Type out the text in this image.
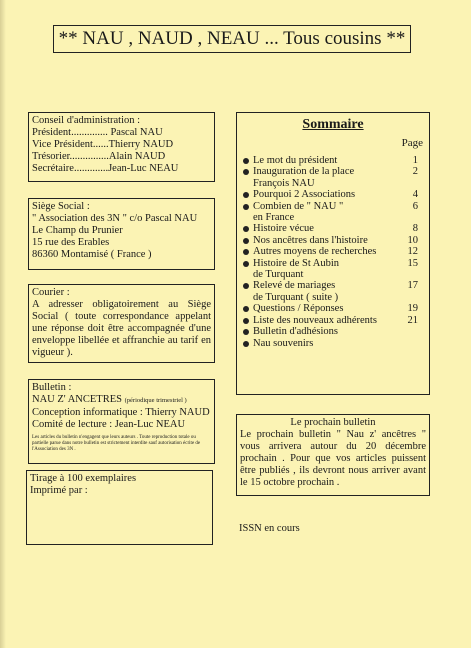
** NAU , NAUD , NEAU ... Tous cousins **
Conseil d'administration :
Président.............. Pascal NAU
Vice Président......Thierry NAUD
Trésorier...............Alain NAUD
Secrétaire.............Jean-Luc NEAU
Siège Social :
" Association des 3N " c/o Pascal NAU
Le Champ du Prunier
15 rue des Erables
86360 Montamisé ( France )
Courier :
A adresser obligatoirement au Siège Social ( toute correspondance appelant une réponse doit être accompagnée d'une enveloppe libellée et affranchie au tarif en vigueur ).
Bulletin :
NAU Z' ANCETRES (périodique trimestriel )
Conception informatique : Thierry NAUD
Comité de lecture : Jean-Luc NEAU
Les articles du bulletin n'engagent que leurs auteurs . Toute reproduction totale ou partielle parue dans notre bulletin est strictement interdite sauf autorisation écrite de l'Association des 3N .
Tirage à 100 exemplaires
Imprimé par :
Sommaire
Page
Le mot du président	1
Inauguration de la place	2
François NAU
Pourquoi 2 Associations	4
Combien de " NAU "	6
en France
Histoire vécue	8
Nos ancêtres dans l'histoire	10
Autres moyens de recherches	12
Histoire de St Aubin	15
de Turquant
Relevé de mariages	17
de Turquant ( suite )
Questions / Réponses	19
Liste des nouveaux adhérents	21
Bulletin d'adhésions
Nau souvenirs
Le prochain bulletin
Le prochain bulletin " Nau z' ancêtres " vous arrivera autour du 20 décembre prochain . Pour que vos articles puissent être publiés , ils devront nous arriver avant le 15 octobre prochain .
ISSN en cours
